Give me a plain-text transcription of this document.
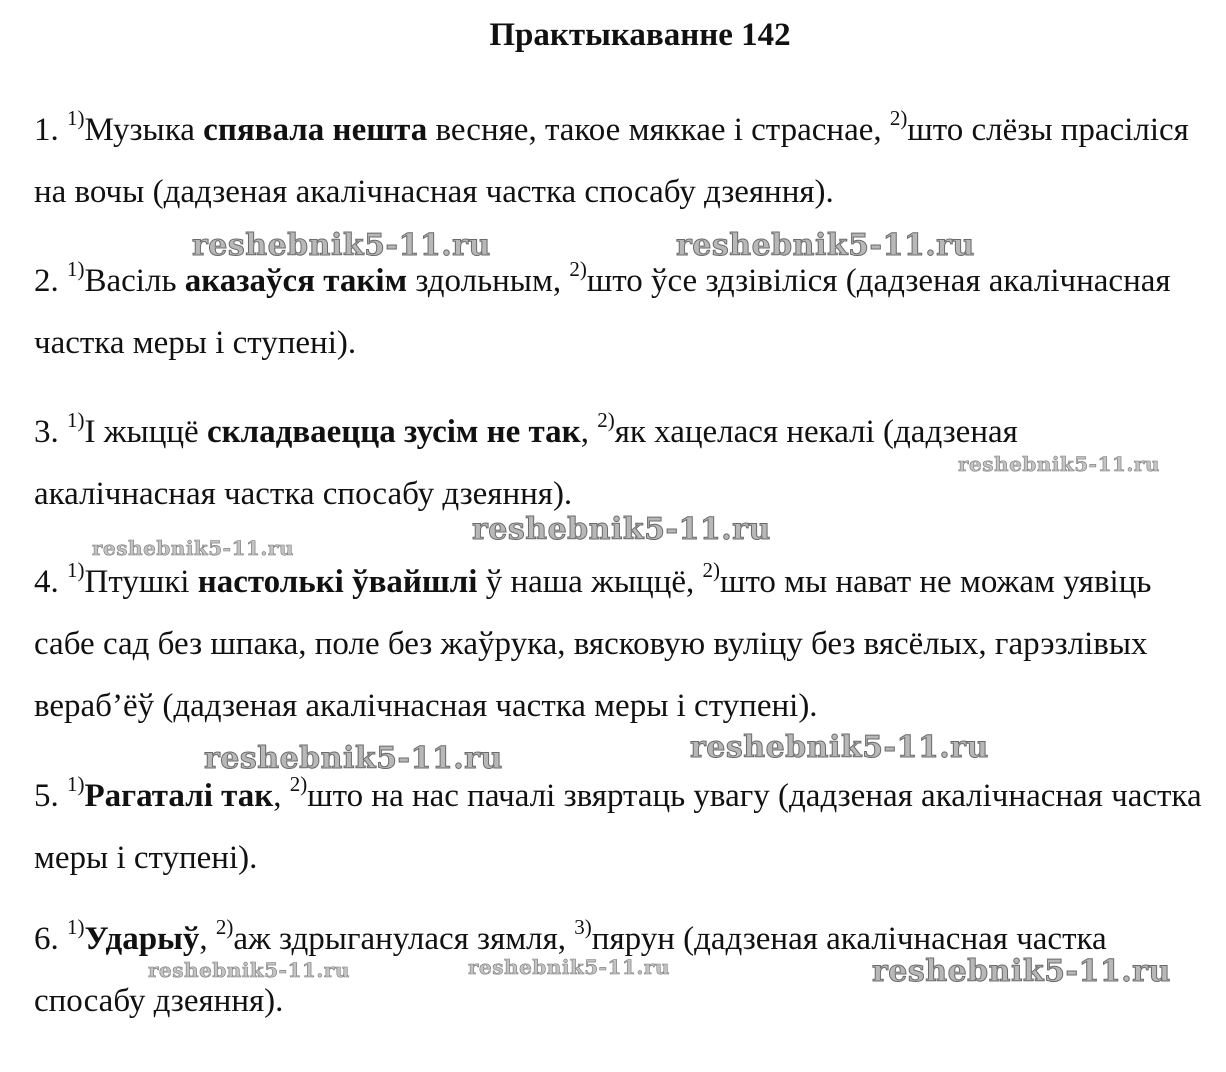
Практыкаванне 142
1. $^{1)}$Музыка спявала нешта весняе, такое мяккае і страснае, $^{2)}$што слёзы прасіліся на вочы (дадзеная акалічнасная частка спосабу дзеяння).
2. $^{1)}$Васіль аказаўся такім здольным, $^{2)}$што ўсе здзівіліся (дадзеная акалічнасная частка меры і ступені).
3. $^{1)}$І жыццё складваецца зусім не так, $^{2)}$як хацелася некалі (дадзеная акалічнасная частка спосабу дзеяння).
4. $^{1)}$Птушкі настолькі ўвайшлі ў наша жыццё, $^{2)}$што мы нават не можам уявіць сабе сад без шпака, поле без жаўрука, вясковую вуліцу без вясёлых, гарэзлівых вераб’ёў (дадзеная акалічнасная частка меры і ступені).
5. $^{1)}$Рагаталі так, $^{2)}$што на нас пачалі звяртаць увагу (дадзеная акалічнасная частка меры і ступені).
6. $^{1)}$Ударыў, $^{2)}$аж здрыганулася зямля, $^{3)}$пярун (дадзеная акалічнасная частка спосабу дзеяння).
reshebnik5-11.ru	reshebnik5-11.ru
reshebnik5-11.ru
reshebnik5-11.ru
reshebnik5-11.ru
reshebnik5-11.ru	reshebnik5-11.ru
reshebnik5-11.ru	reshebnik5-11.ru	reshebnik5-11.ru
